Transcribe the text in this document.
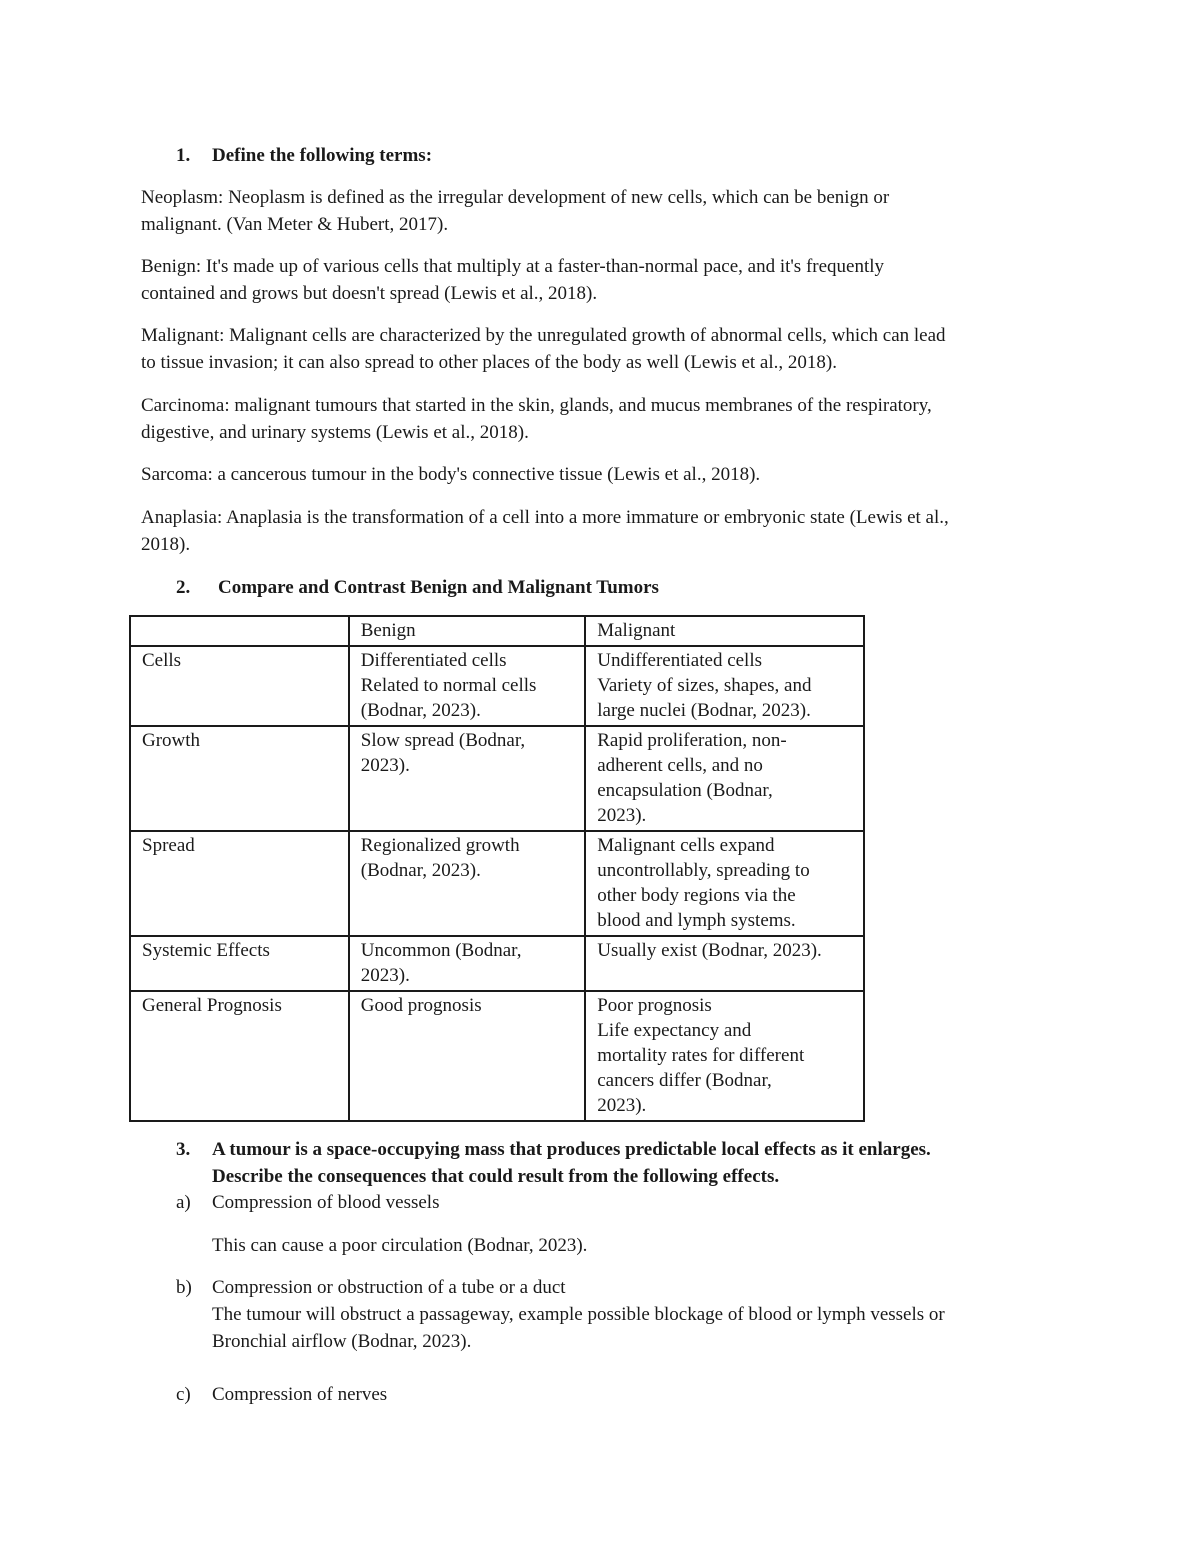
1. Define the following terms:
Neoplasm: Neoplasm is defined as the irregular development of new cells, which can be benign or
malignant. (Van Meter & Hubert, 2017).
Benign: It's made up of various cells that multiply at a faster-than-normal pace, and it's frequently
contained and grows but doesn't spread (Lewis et al., 2018).
Malignant: Malignant cells are characterized by the unregulated growth of abnormal cells, which can lead
to tissue invasion; it can also spread to other places of the body as well (Lewis et al., 2018).
Carcinoma: malignant tumours that started in the skin, glands, and mucus membranes of the respiratory,
digestive, and urinary systems (Lewis et al., 2018).
Sarcoma: a cancerous tumour in the body's connective tissue (Lewis et al., 2018).
Anaplasia: Anaplasia is the transformation of a cell into a more immature or embryonic state (Lewis et al.,
2018).
2. Compare and Contrast Benign and Malignant Tumors
	Benign	Malignant

Cells	Differentiated cells
Related to normal cells
(Bodnar, 2023).	Undifferentiated cells
Variety of sizes, shapes, and
large nuclei (Bodnar, 2023).

Growth	Slow spread (Bodnar,
2023).	Rapid proliferation, non-
adherent cells, and no
encapsulation (Bodnar,
2023).

Spread	Regionalized growth
(Bodnar, 2023).	Malignant cells expand
uncontrollably, spreading to
other body regions via the
blood and lymph systems.

Systemic Effects	Uncommon (Bodnar,
2023).	Usually exist (Bodnar, 2023).

General Prognosis	Good prognosis	Poor prognosis
Life expectancy and
mortality rates for different
cancers differ (Bodnar,
2023).
3. A tumour is a space-occupying mass that produces predictable local effects as it enlarges.
Describe the consequences that could result from the following effects.
a) Compression of blood vessels
This can cause a poor circulation (Bodnar, 2023).
b) Compression or obstruction of a tube or a duct
The tumour will obstruct a passageway, example possible blockage of blood or lymph vessels or
Bronchial airflow (Bodnar, 2023).
c) Compression of nerves
